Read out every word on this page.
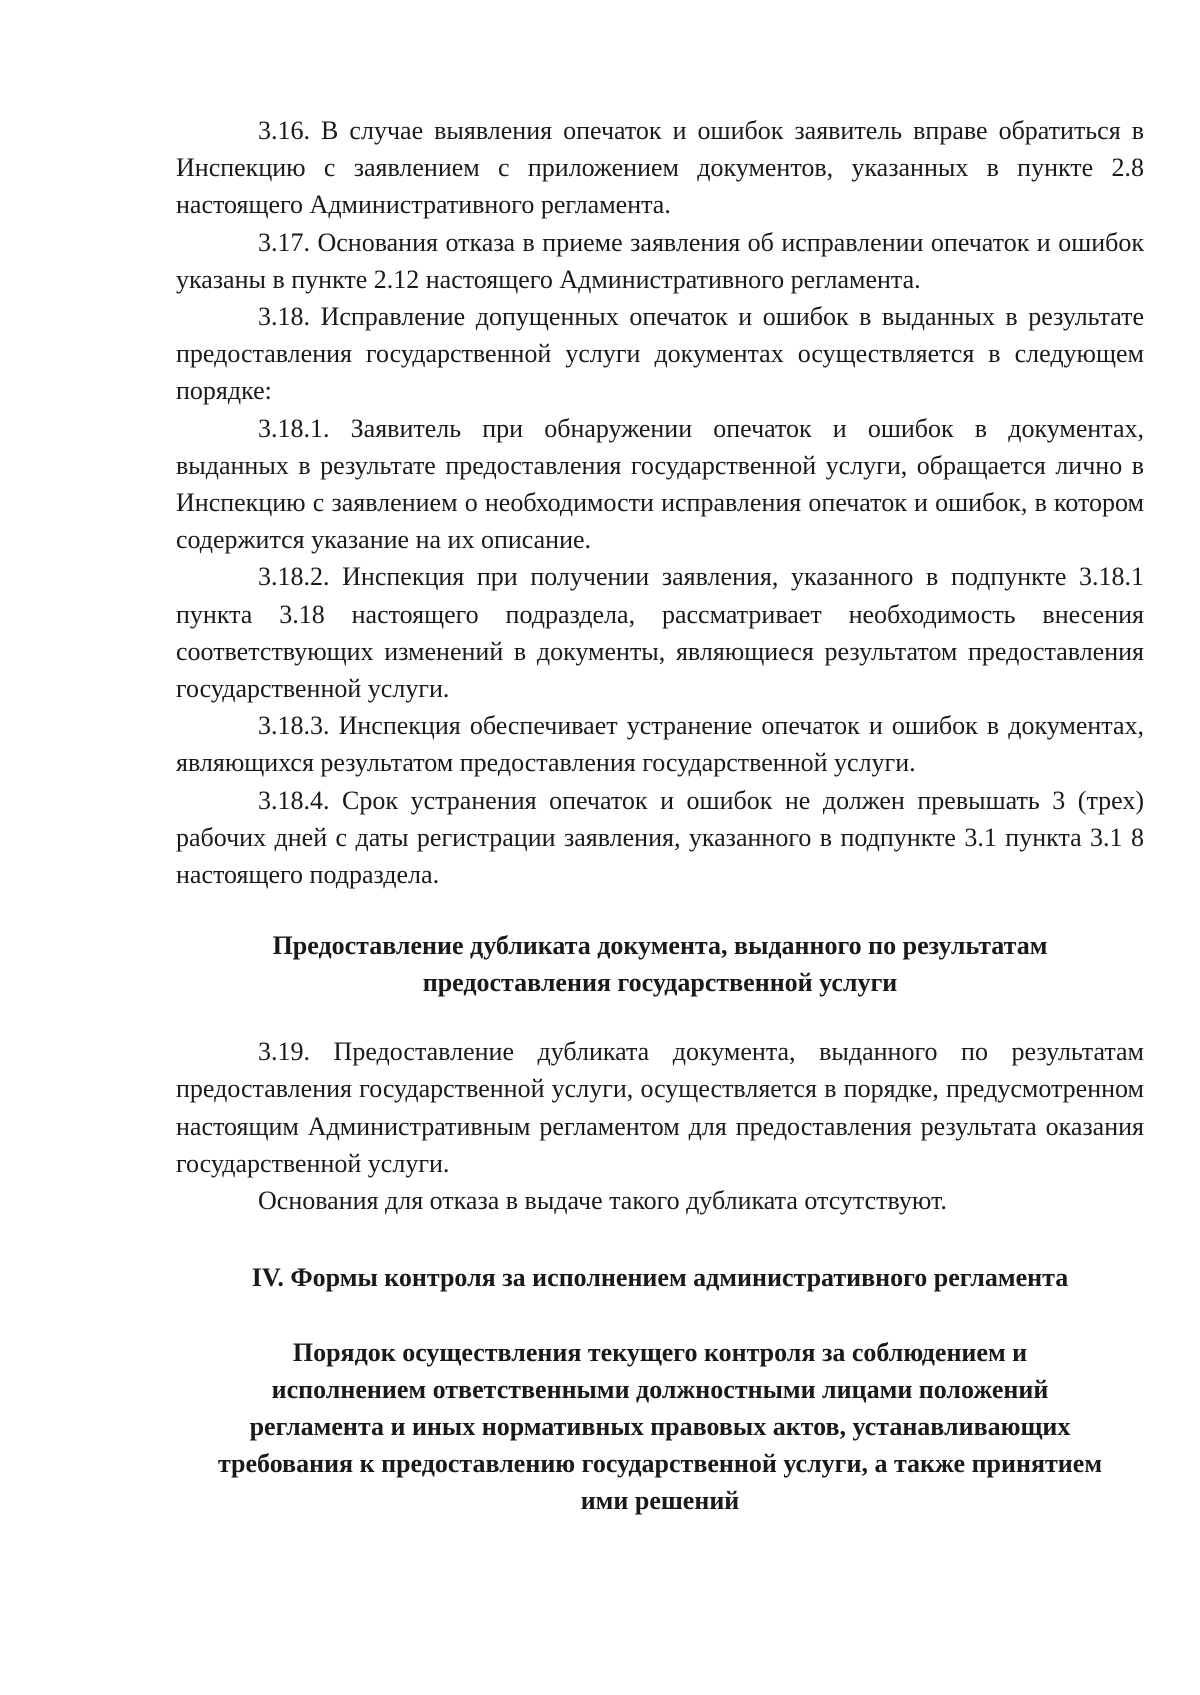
3.16. В случае выявления опечаток и ошибок заявитель вправе обратиться в Инспекцию с заявлением с приложением документов, указанных в пункте 2.8 настоящего Административного регламента.

3.17. Основания отказа в приеме заявления об исправлении опечаток и ошибок указаны в пункте 2.12 настоящего Административного регламента.

3.18. Исправление допущенных опечаток и ошибок в выданных в результате предоставления государственной услуги документах осуществляется в следующем порядке:

3.18.1. Заявитель при обнаружении опечаток и ошибок в документах, выданных в результате предоставления государственной услуги, обращается лично в Инспекцию с заявлением о необходимости исправления опечаток и ошибок, в котором содержится указание на их описание.

3.18.2. Инспекция при получении заявления, указанного в подпункте 3.18.1 пункта 3.18 настоящего подраздела, рассматривает необходимость внесения соответствующих изменений в документы, являющиеся результатом предоставления государственной услуги.

3.18.3. Инспекция обеспечивает устранение опечаток и ошибок в документах, являющихся результатом предоставления государственной услуги.

3.18.4. Срок устранения опечаток и ошибок не должен превышать 3 (трех) рабочих дней с даты регистрации заявления, указанного в подпункте 3.1 пункта 3.1 8 настоящего подраздела.

Предоставление дубликата документа, выданного по результатам
предоставления государственной услуги

3.19. Предоставление дубликата документа, выданного по результатам предоставления государственной услуги, осуществляется в порядке, предусмотренном настоящим Административным регламентом для предоставления результата оказания государственной услуги.

Основания для отказа в выдаче такого дубликата отсутствуют.

IV. Формы контроля за исполнением административного регламента
Порядок осуществления текущего контроля за соблюдением и
исполнением ответственными должностными лицами положений
регламента и иных нормативных правовых актов, устанавливающих
требования к предоставлению государственной услуги, а также принятием
ими решений
